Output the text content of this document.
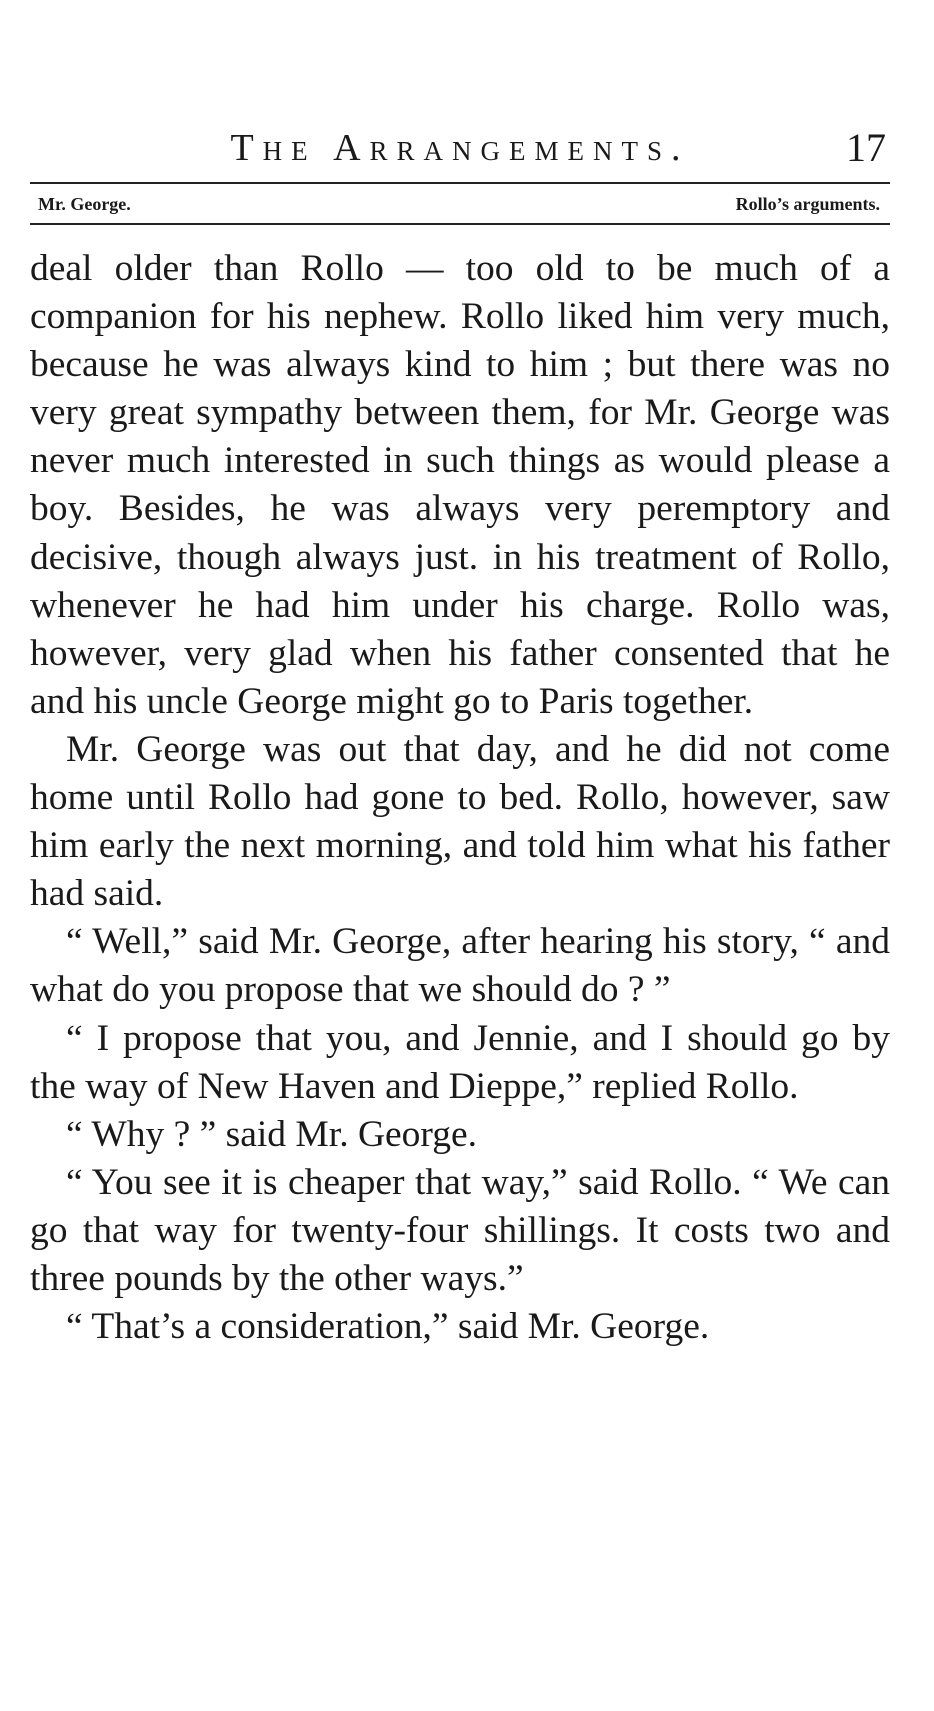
The Arrangements.	17
Mr. George.	Rollo’s arguments.

deal older than Rollo — too old to be much of a companion for his nephew. Rollo liked him very much, because he was always kind to him ; but there was no very great sympathy between them, for Mr. George was never much interested in such things as would please a boy. Besides, he was always very peremptory and decisive, though always just. in his treatment of Rollo, whenever he had him under his charge. Rollo was, however, very glad when his father consented that he and his uncle George might go to Paris together.

Mr. George was out that day, and he did not come home until Rollo had gone to bed. Rollo, however, saw him early the next morning, and told him what his father had said.

“ Well,” said Mr. George, after hearing his story, “ and what do you propose that we should do ? ”

“ I propose that you, and Jennie, and I should go by the way of New Haven and Dieppe,” replied Rollo.

“ Why ? ” said Mr. George.

“ You see it is cheaper that way,” said Rollo. “ We can go that way for twenty-four shillings. It costs two and three pounds by the other ways.”

“ That’s a consideration,” said Mr. George.
